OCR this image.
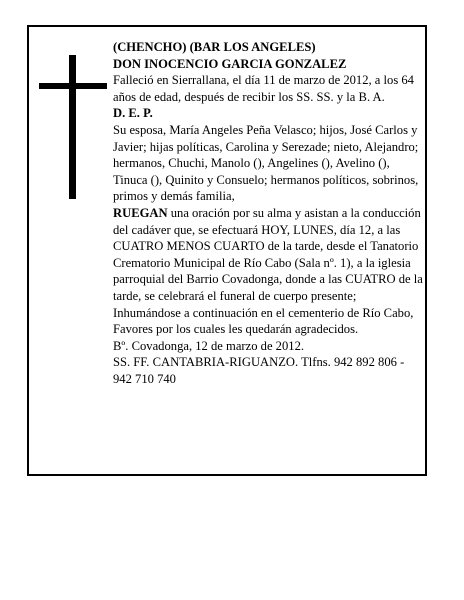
(CHENCHO) (BAR LOS ANGELES)

DON INOCENCIO GARCIA GONZALEZ

Falleció en Sierrallana, el día 11 de marzo de 2012, a los 64 años de edad, después de recibir los SS. SS. y la B. A.

D. E. P.

Su esposa, María Angeles Peña Velasco; hijos, José Carlos y Javier; hijas políticas, Carolina y Serezade; nieto, Alejandro; hermanos, Chuchi, Manolo (), Angelines (), Avelino (), Tinuca (), Quinito y Consuelo; hermanos políticos, sobrinos, primos y demás familia,

RUEGAN una oración por su alma y asistan a la conducción del cadáver que, se efectuará HOY, LUNES, día 12, a las CUATRO MENOS CUARTO de la tarde, desde el Tanatorio Crematorio Municipal de Río Cabo (Sala nº. 1), a la iglesia parroquial del Barrio Covadonga, donde a las CUATRO de la tarde, se celebrará el funeral de cuerpo presente; Inhumándose a continuación en el cementerio de Río Cabo, Favores por los cuales les quedarán agradecidos.

Bº. Covadonga, 12 de marzo de 2012.

SS. FF. CANTABRIA-RIGUANZO. Tlfns. 942 892 806 - 942 710 740
